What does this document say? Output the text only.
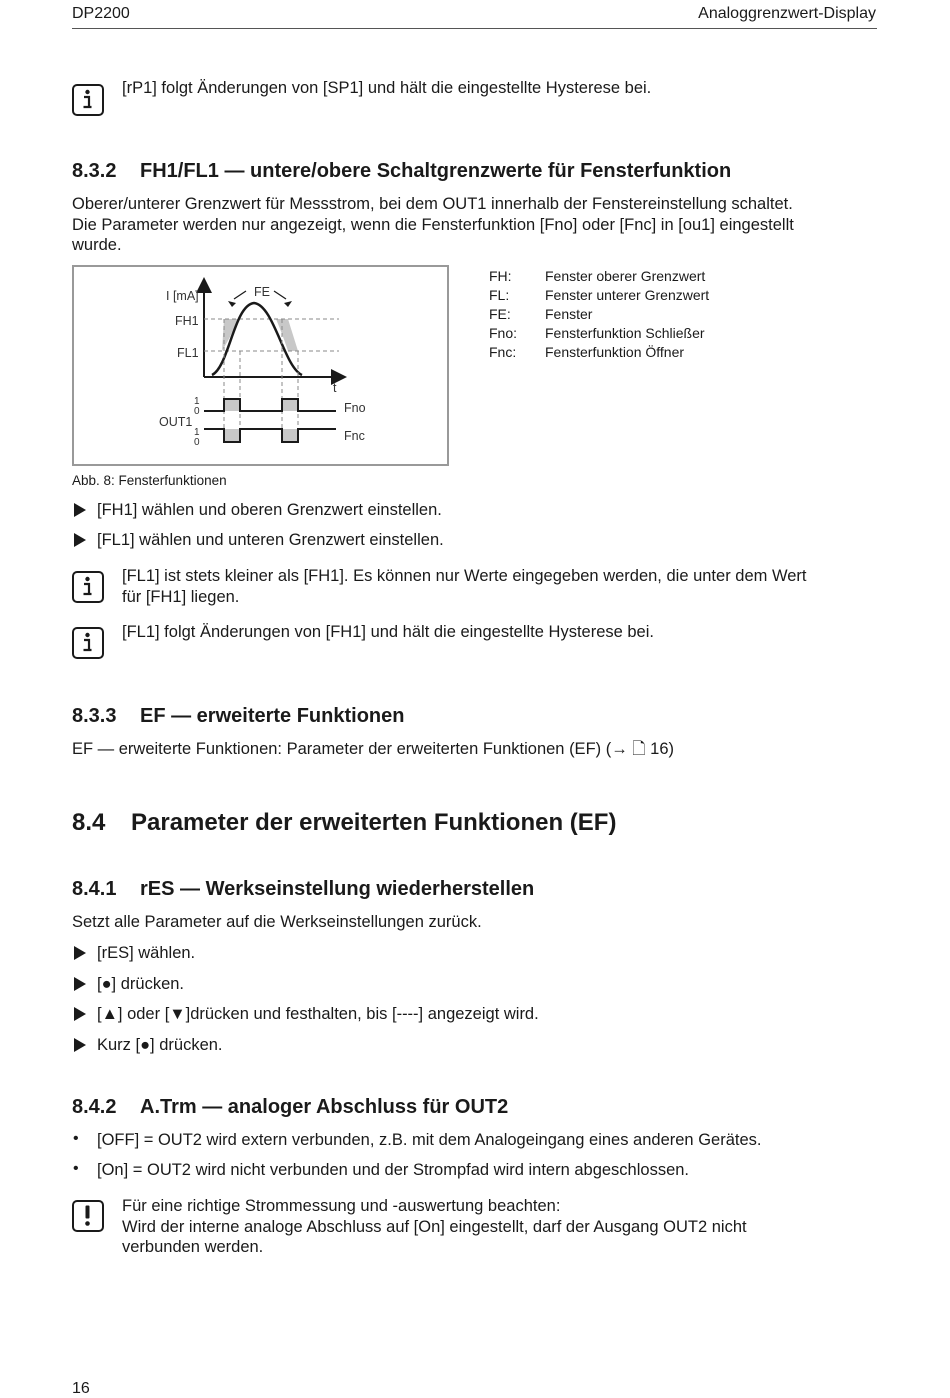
DP2200	Analoggrenzwert-Display
[rP1] folgt Änderungen von [SP1] und hält die eingestellte Hysterese bei.
8.3.2 FH1/FL1 — untere/obere Schaltgrenzwerte für Fensterfunktion
Oberer/unterer Grenzwert für Messstrom, bei dem OUT1 innerhalb der Fenstereinstellung schaltet.
Die Parameter werden nur angezeigt, wenn die Fensterfunktion [Fno] oder [Fnc] in [ou1] eingestellt
wurde.
I [mA]
FH1
FL1
FE
t
OUT1
1
0
1
0
Fno
Fnc
Abb. 8: Fensterfunktionen
FH: Fenster oberer Grenzwert
FL:	Fenster unterer Grenzwert
FE: Fenster
Fno: Fensterfunktion Schließer
Fnc: Fensterfunktion Öffner
[FH1] wählen und oberen Grenzwert einstellen.
[FL1] wählen und unteren Grenzwert einstellen.
[FL1] ist stets kleiner als [FH1]. Es können nur Werte eingegeben werden, die unter dem Wert
für [FH1] liegen.
[FL1] folgt Änderungen von [FH1] und hält die eingestellte Hysterese bei.
8.3.3 EF — erweiterte Funktionen
EF — erweiterte Funktionen: Parameter der erweiterten Funktionen (EF) (→ 🗋 16)
8.4 Parameter der erweiterten Funktionen (EF)
8.4.1 rES — Werkseinstellung wiederherstellen
Setzt alle Parameter auf die Werkseinstellungen zurück.
[rES] wählen.
[●] drücken.
[▲] oder [▼]drücken und festhalten, bis [----] angezeigt wird.
Kurz [●] drücken.
8.4.2 A.Trm — analoger Abschluss für OUT2
• [OFF] = OUT2 wird extern verbunden, z.B. mit dem Analogeingang eines anderen Gerätes.
• [On] = OUT2 wird nicht verbunden und der Strompfad wird intern abgeschlossen.
Für eine richtige Strommessung und -auswertung beachten:
Wird der interne analoge Abschluss auf [On] eingestellt, darf der Ausgang OUT2 nicht
verbunden werden.
16
